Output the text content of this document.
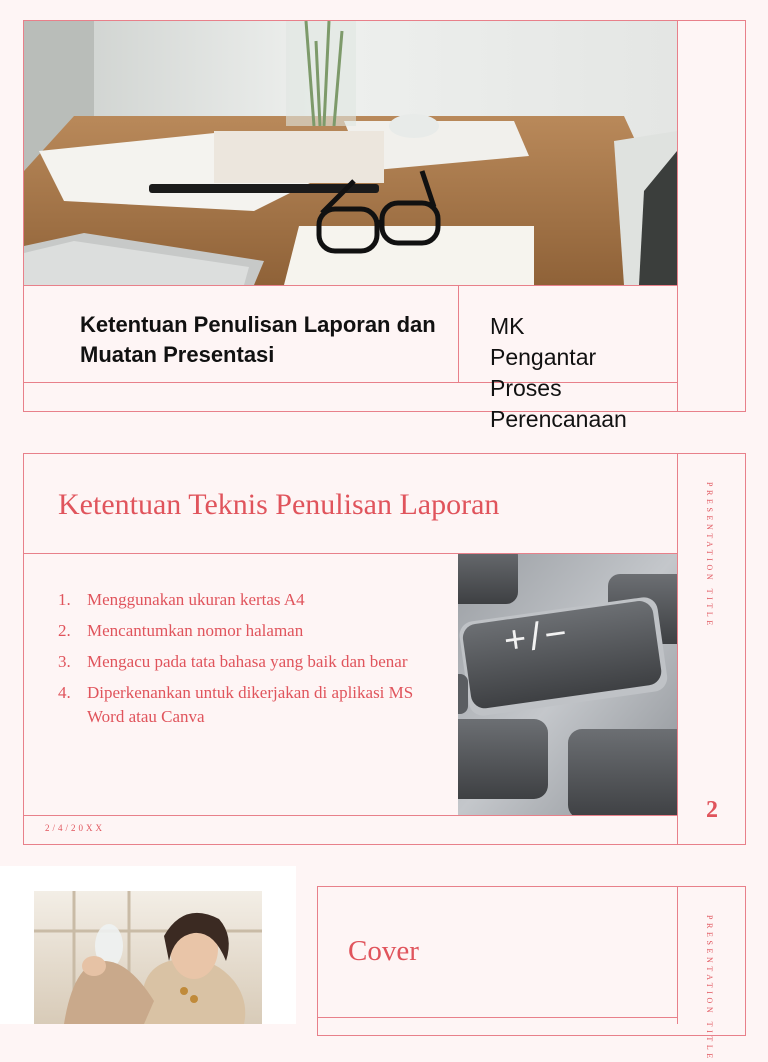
Ketentuan Penulisan Laporan dan Muatan Presentasi
MK
Pengantar
Proses
Perencanaan
Ketentuan Teknis Penulisan Laporan
1. Menggunakan ukuran kertas A4
2. Mencantumkan nomor halaman
3. Mengacu pada tata bahasa yang baik dan benar
4. Diperkenankan untuk dikerjakan di aplikasi MS Word atau Canva
+/−
PRESENTATION TITLE
2/4/20XX
2
Cover	PRESENTATION TITLE
